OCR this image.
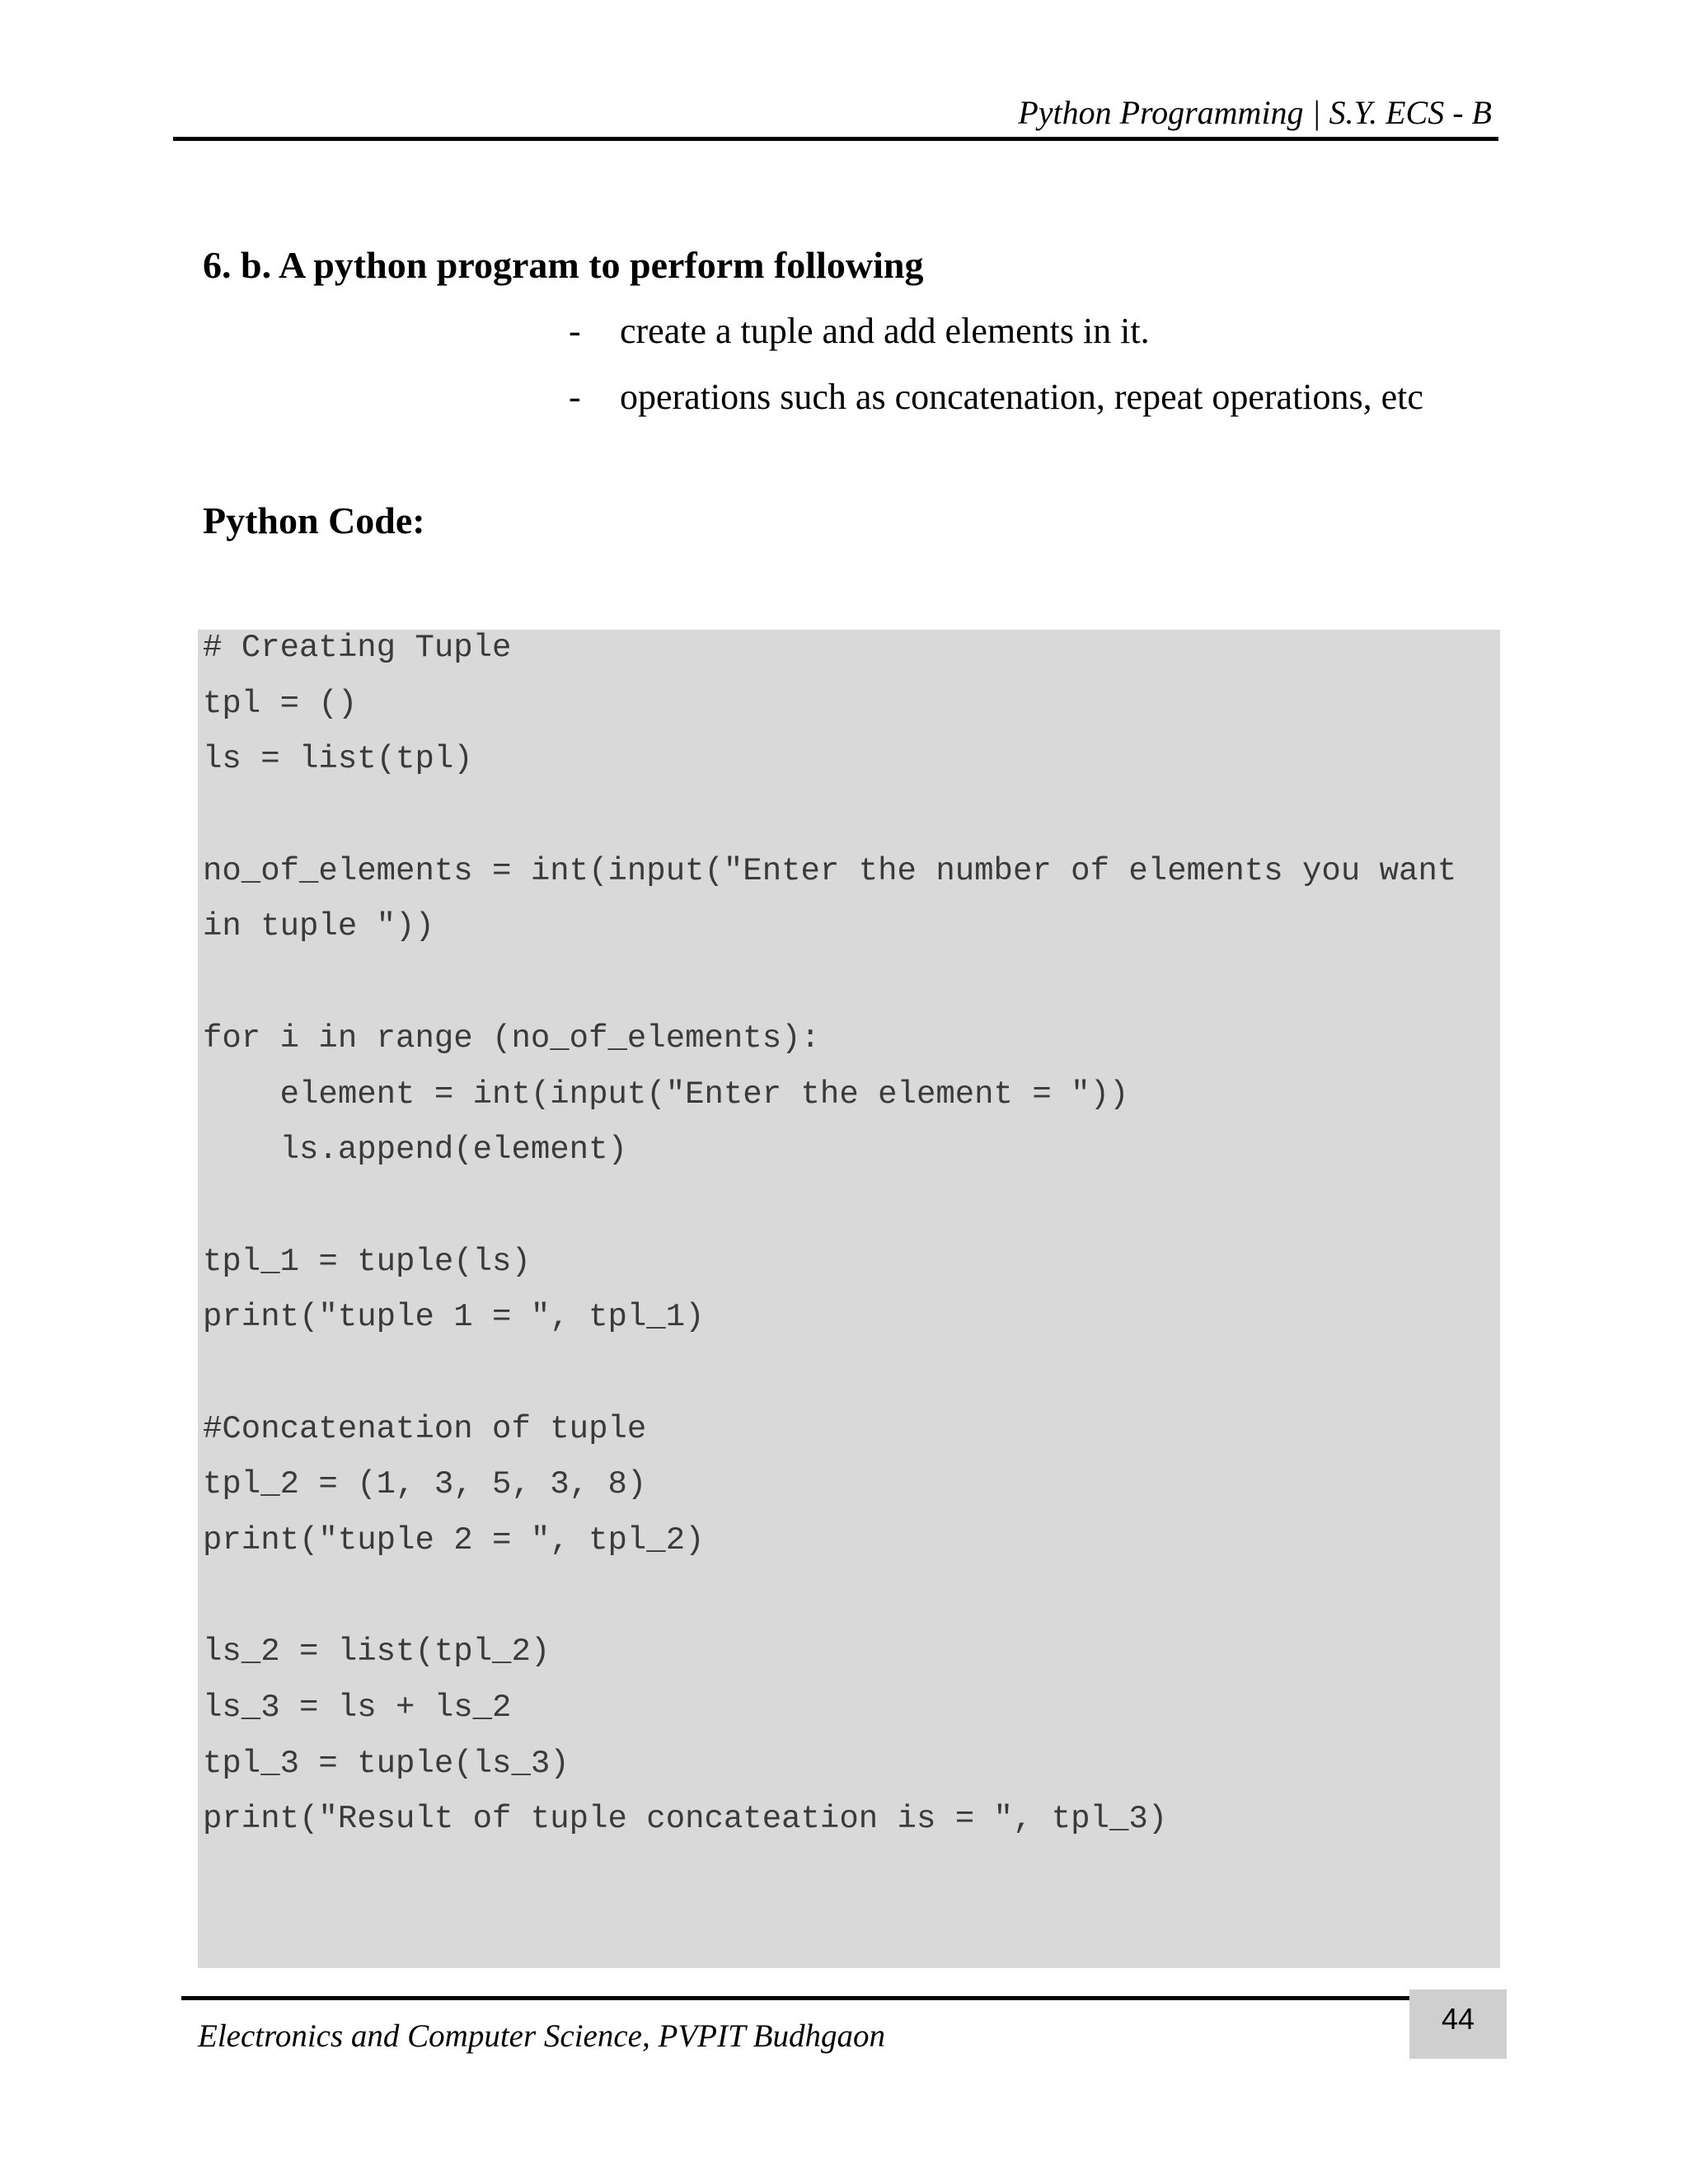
Python Programming | S.Y. ECS - B
6. b. A python program to perform following
-	create a tuple and add elements in it.
-	operations such as concatenation, repeat operations, etc
Python Code:
# Creating Tuple
tpl = ()
ls = list(tpl)
no_of_elements = int(input("Enter the number of elements you want
in tuple "))
for i in range (no_of_elements):
element = int(input("Enter the element = "))
ls.append(element)
tpl_1 = tuple(ls)
print("tuple 1 = ", tpl_1)
#Concatenation of tuple
tpl_2 = (1, 3, 5, 3, 8)
print("tuple 2 = ", tpl_2)
ls_2 = list(tpl_2)
ls_3 = ls + ls_2
tpl_3 = tuple(ls_3)
print("Result of tuple concateation is = ", tpl_3)
44
Electronics and Computer Science, PVPIT Budhgaon
